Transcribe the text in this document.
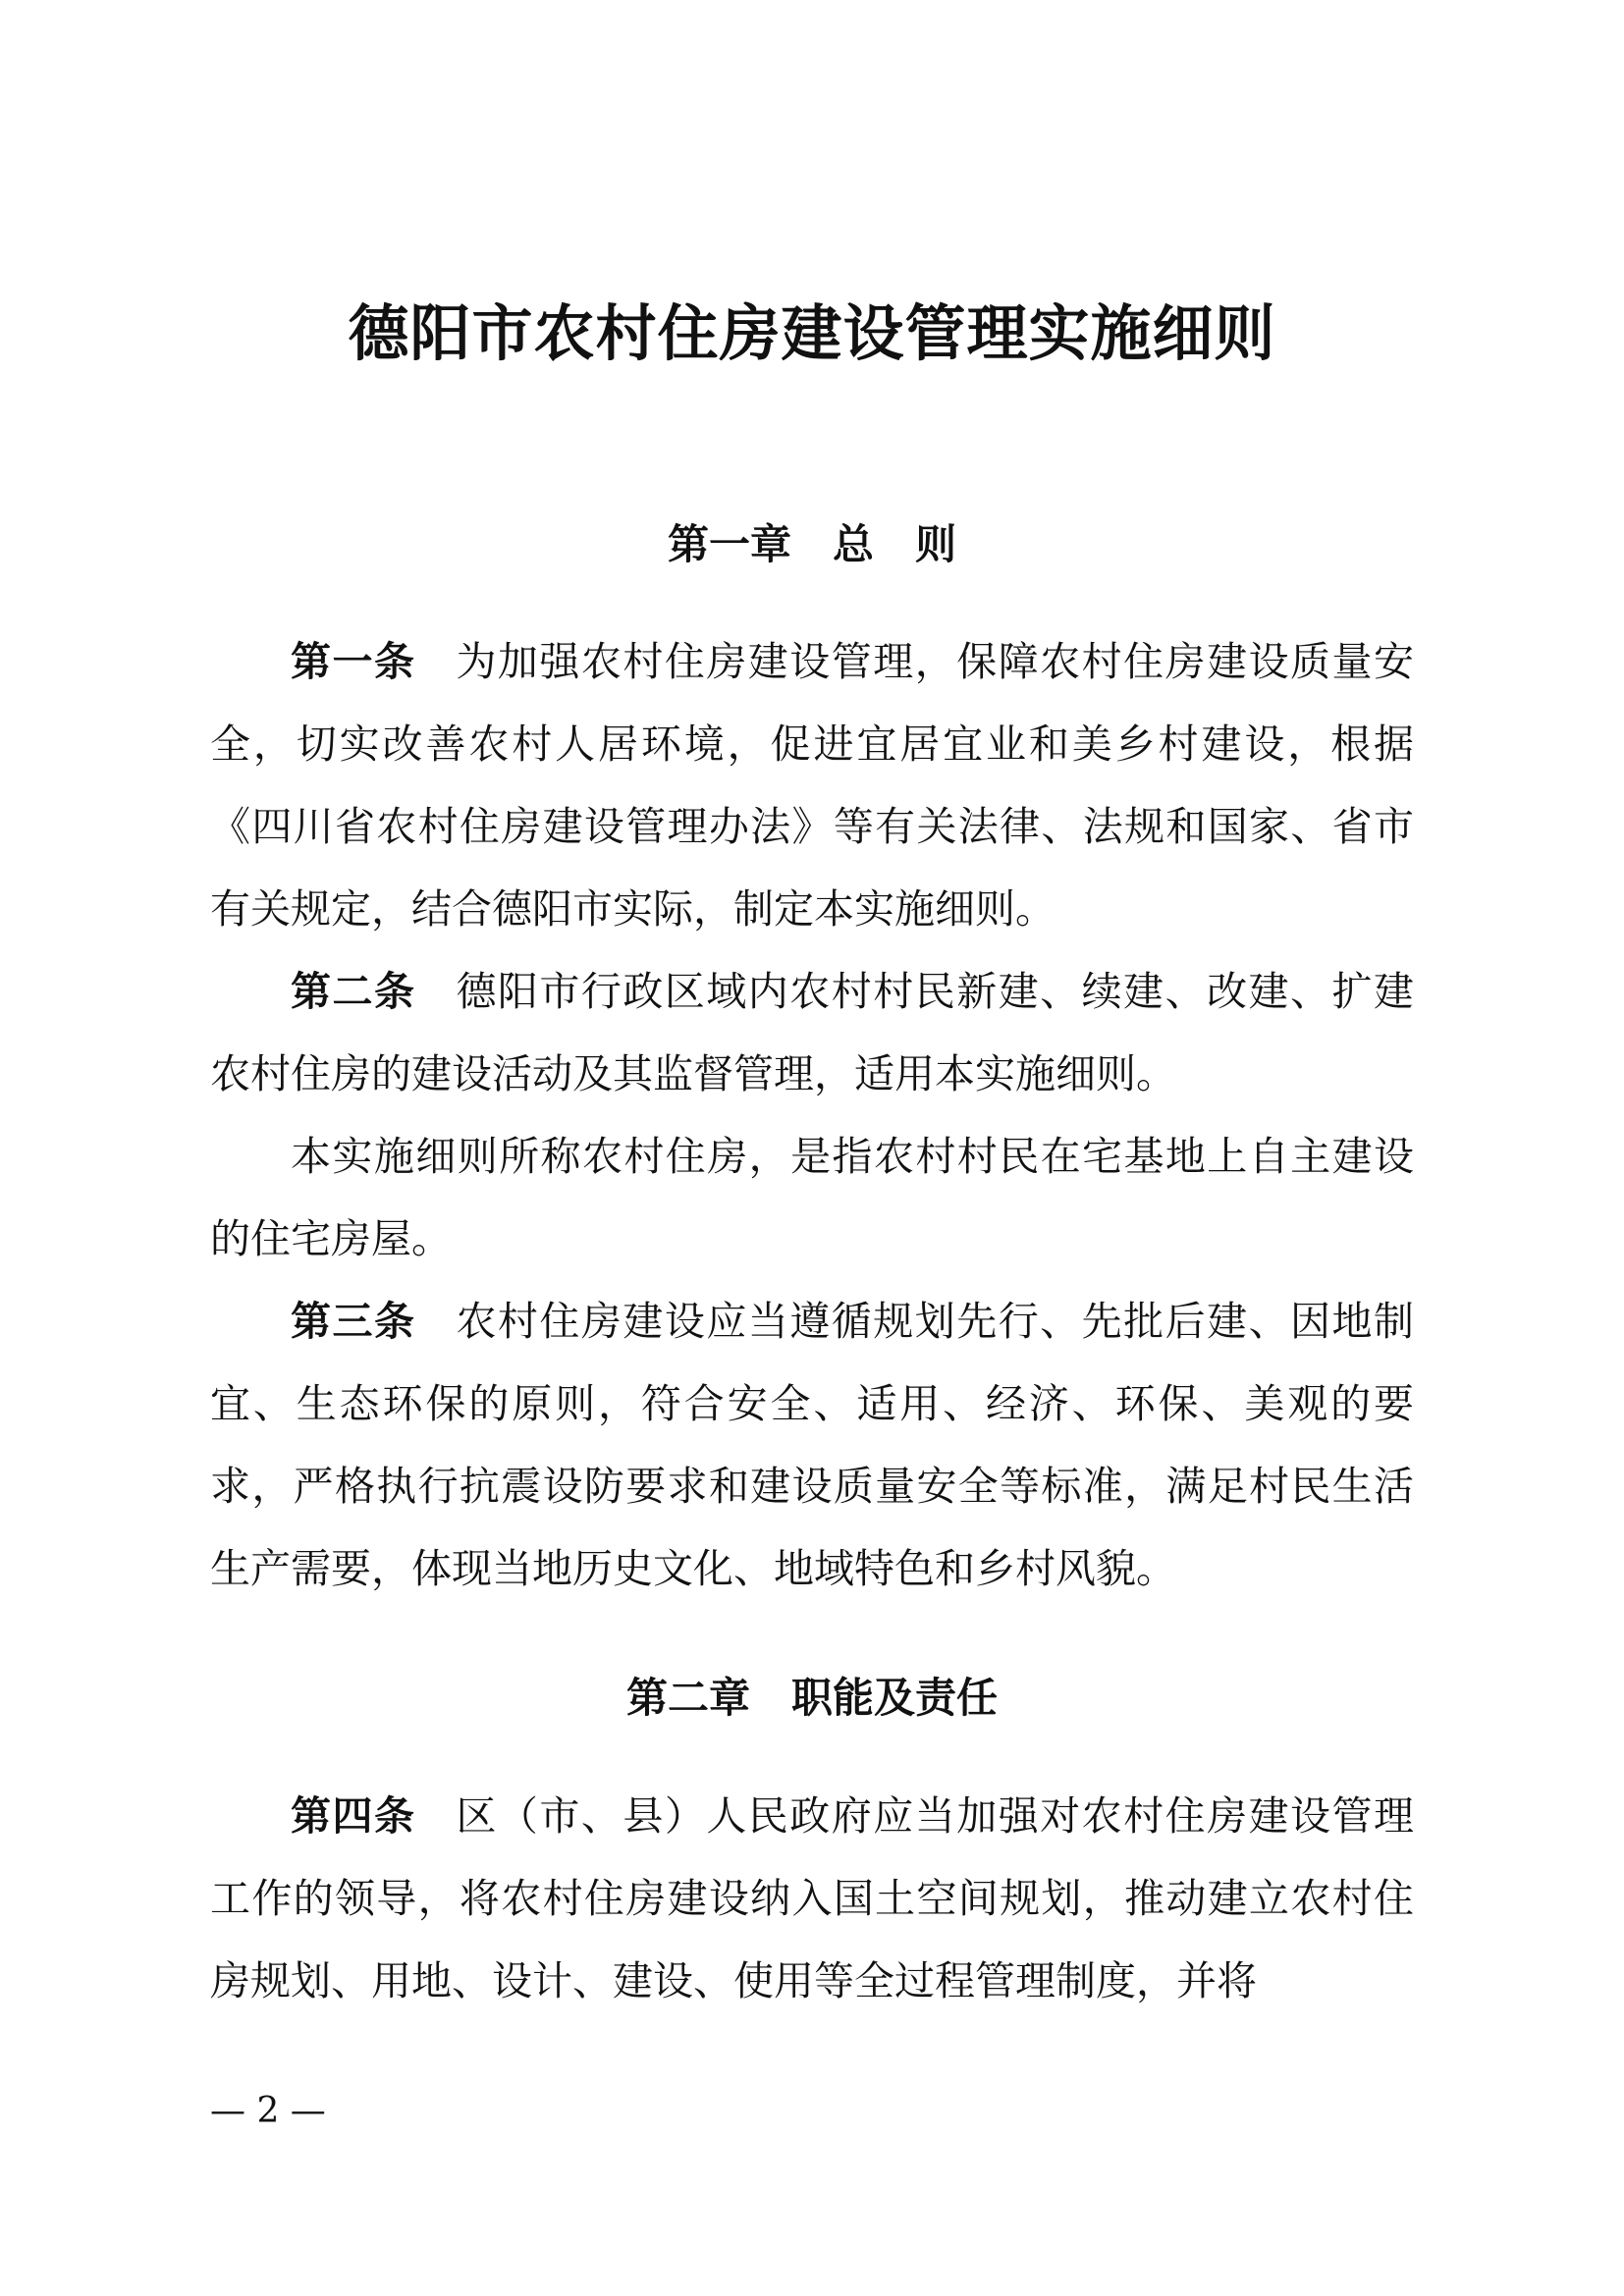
德阳市农村住房建设管理实施细则
第一章　总　则

第一条 为加强农村住房建设管理，保障农村住房建设质量安全，切实改善农村人居环境，促进宜居宜业和美乡村建设，根据《四川省农村住房建设管理办法》等有关法律、法规和国家、省市有关规定，结合德阳市实际，制定本实施细则。

第二条 德阳市行政区域内农村村民新建、续建、改建、扩建农村住房的建设活动及其监督管理，适用本实施细则。

本实施细则所称农村住房，是指农村村民在宅基地上自主建设的住宅房屋。

第三条 农村住房建设应当遵循规划先行、先批后建、因地制宜、生态环保的原则，符合安全、适用、经济、环保、美观的要求，严格执行抗震设防要求和建设质量安全等标准，满足村民生活生产需要，体现当地历史文化、地域特色和乡村风貌。

第二章　职能及责任

第四条 区（市、县）人民政府应当加强对农村住房建设管理工作的领导，将农村住房建设纳入国土空间规划，推动建立农村住房规划、用地、设计、建设、使用等全过程管理制度，并将

— 2 —
